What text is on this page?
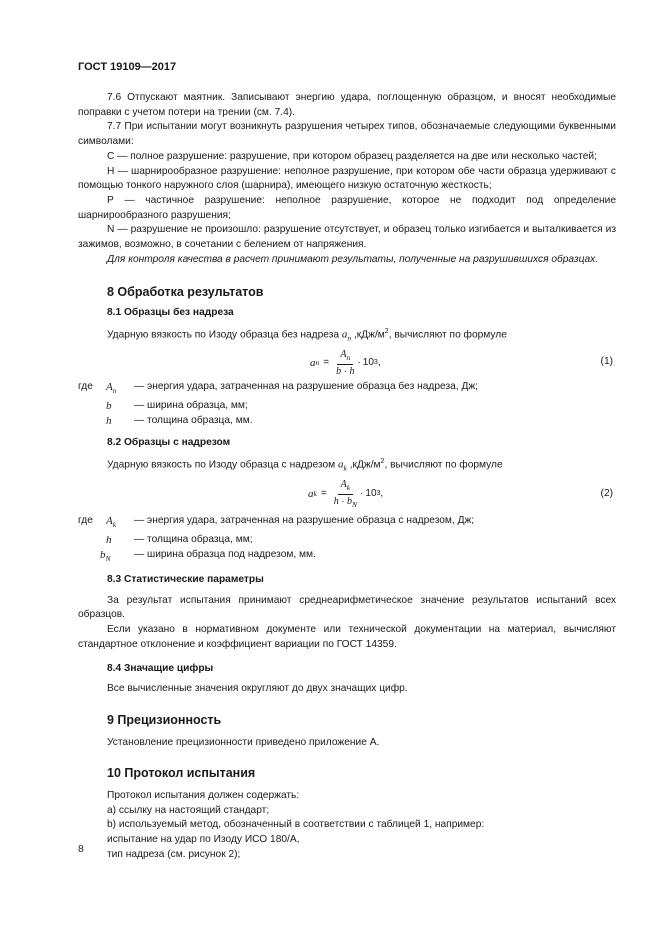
ГОСТ 19109—2017

7.6 Отпускают маятник. Записывают энергию удара, поглощенную образцом, и вносят необходимые поправки с учетом потери на трении (см. 7.4).

7.7 При испытании могут возникнуть разрушения четырех типов, обозначаемые следующими буквенными символами:

С — полное разрушение: разрушение, при котором образец разделяется на две или несколько частей;

Н — шарнирообразное разрушение: неполное разрушение, при котором обе части образца удерживают с помощью тонкого наружного слоя (шарнира), имеющего низкую остаточную жесткость;

Р — частичное разрушение: неполное разрушение, которое не подходит под определение шарнирообразного разрушения;

N — разрушение не произошло: разрушение отсутствует, и образец только изгибается и выталкивается из зажимов, возможно, в сочетании с белением от напряжения.

Для контроля качества в расчет принимают результаты, полученные на разрушившихся образцах.

8 Обработка результатов
8.1 Образцы без надреза

Ударную вязкость по Изоду образца без надреза $a_n$ $,кДж/м^2$, вычисляют по формуле

a $n = \frac{A_n}{b \cdot h} \cdot 10$ 3 ,	(1)
где	$A_n$	— энергия удара, затраченная на разрушение образца без надреза, Дж;
b	— ширина образца, мм;
h	— толщина образца, мм.
8.2 Образцы с надрезом

Ударную вязкость по Изоду образца с надрезом $a_k$ $,кДж/м^2$, вычисляют по формуле

a $k = \frac{A_k}{h \cdot b_N} \cdot 10$ 3 ,	(2)
где	$A_k$	— энергия удара, затраченная на разрушение образца с надрезом, Дж;
h	— толщина образца, мм;
$b_N$	— ширина образца под надрезом, мм.
8.3 Статистические параметры

За результат испытания принимают среднеарифметическое значение результатов испытаний всех образцов.

Если указано в нормативном документе или технической документации на материал, вычисляют стандартное отклонение и коэффициент вариации по ГОСТ 14359.

8.4 Значащие цифры

Все вычисленные значения округляют до двух значащих цифр.

9 Прецизионность

Установление прецизионности приведено приложение А.

10 Протокол испытания

Протокол испытания должен содержать:

а) ссылку на настоящий стандарт;

b) используемый метод, обозначенный в соответствии с таблицей 1, например:

испытание на удар по Изоду ИСО 180/А,

тип надреза (см. рисунок 2);

8
